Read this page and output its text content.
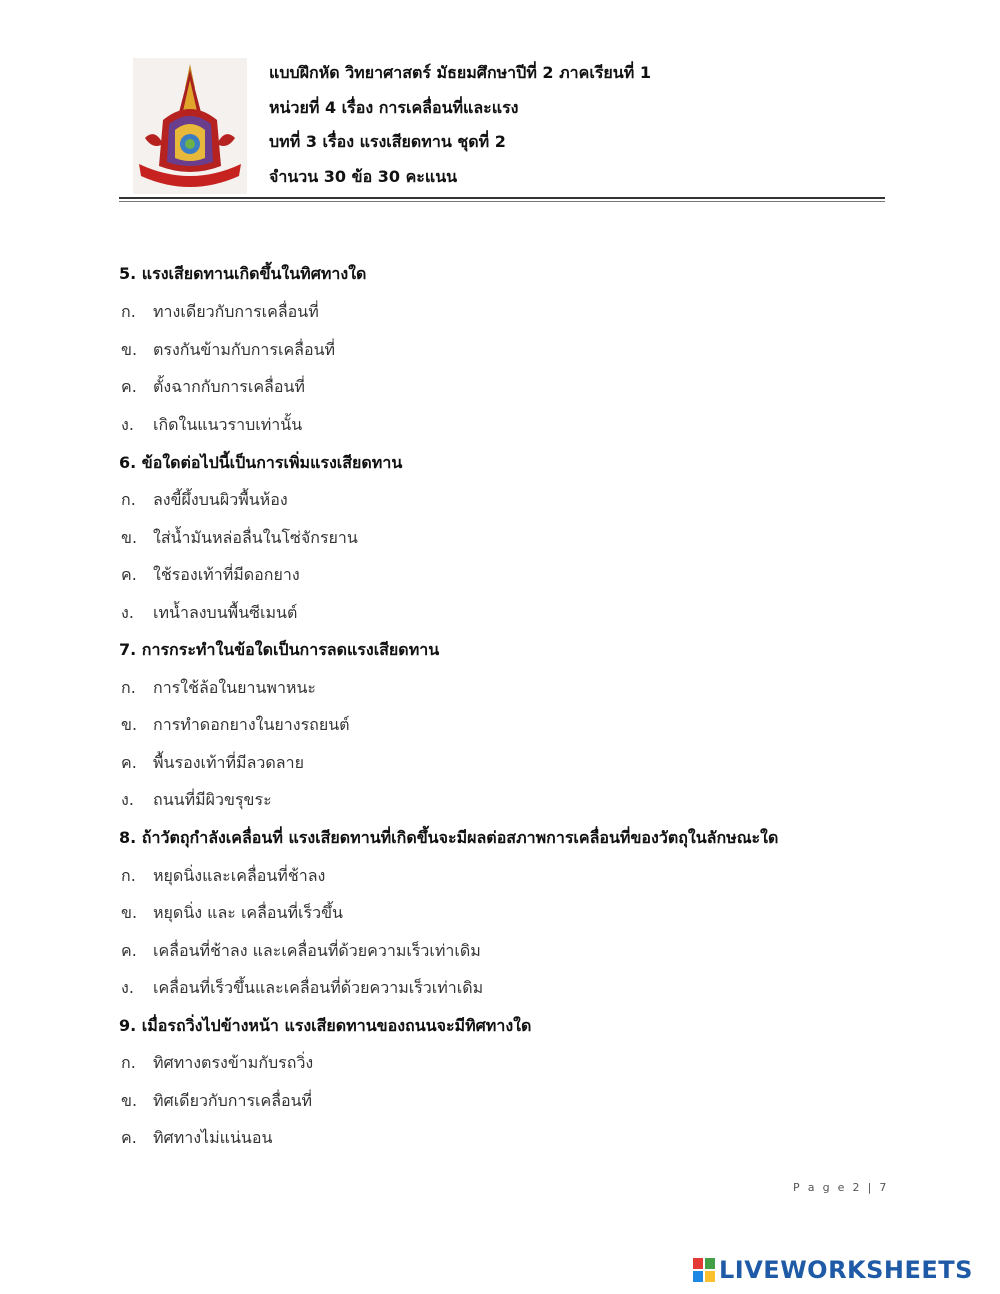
แบบฝึกหัด วิทยาศาสตร์ มัธยมศึกษาปีที่ 2 ภาคเรียนที่ 1
หน่วยที่ 4 เรื่อง การเคลื่อนที่และแรง
บทที่ 3 เรื่อง แรงเสียดทาน ชุดที่ 2
จำนวน 30 ข้อ 30 คะแนน
5. แรงเสียดทานเกิดขึ้นในทิศทางใด
ก. ทางเดียวกับการเคลื่อนที่
ข. ตรงกันข้ามกับการเคลื่อนที่
ค. ตั้งฉากกับการเคลื่อนที่
ง. เกิดในแนวราบเท่านั้น
6. ข้อใดต่อไปนี้เป็นการเพิ่มแรงเสียดทาน
ก. ลงขี้ผึ้งบนผิวพื้นห้อง
ข. ใส่น้ำมันหล่อลื่นในโซ่จักรยาน
ค. ใช้รองเท้าที่มีดอกยาง
ง. เทน้ำลงบนพื้นซีเมนต์
7. การกระทำในข้อใดเป็นการลดแรงเสียดทาน
ก. การใช้ล้อในยานพาหนะ
ข. การทำดอกยางในยางรถยนต์
ค. พื้นรองเท้าที่มีลวดลาย
ง. ถนนที่มีผิวขรุขระ
8. ถ้าวัตถุกำลังเคลื่อนที่ แรงเสียดทานที่เกิดขึ้นจะมีผลต่อสภาพการเคลื่อนที่ของวัตถุในลักษณะใด
ก. หยุดนิ่งและเคลื่อนที่ช้าลง
ข. หยุดนิ่ง และ เคลื่อนที่เร็วขึ้น
ค. เคลื่อนที่ช้าลง และเคลื่อนที่ด้วยความเร็วเท่าเดิม
ง. เคลื่อนที่เร็วขึ้นและเคลื่อนที่ด้วยความเร็วเท่าเดิม
9. เมื่อรถวิ่งไปข้างหน้า แรงเสียดทานของถนนจะมีทิศทางใด
ก. ทิศทางตรงข้ามกับรถวิ่ง
ข. ทิศเดียวกับการเคลื่อนที่
ค. ทิศทางไม่แน่นอน
P a g e 2 | 7
LIVEWORKSHEETS
